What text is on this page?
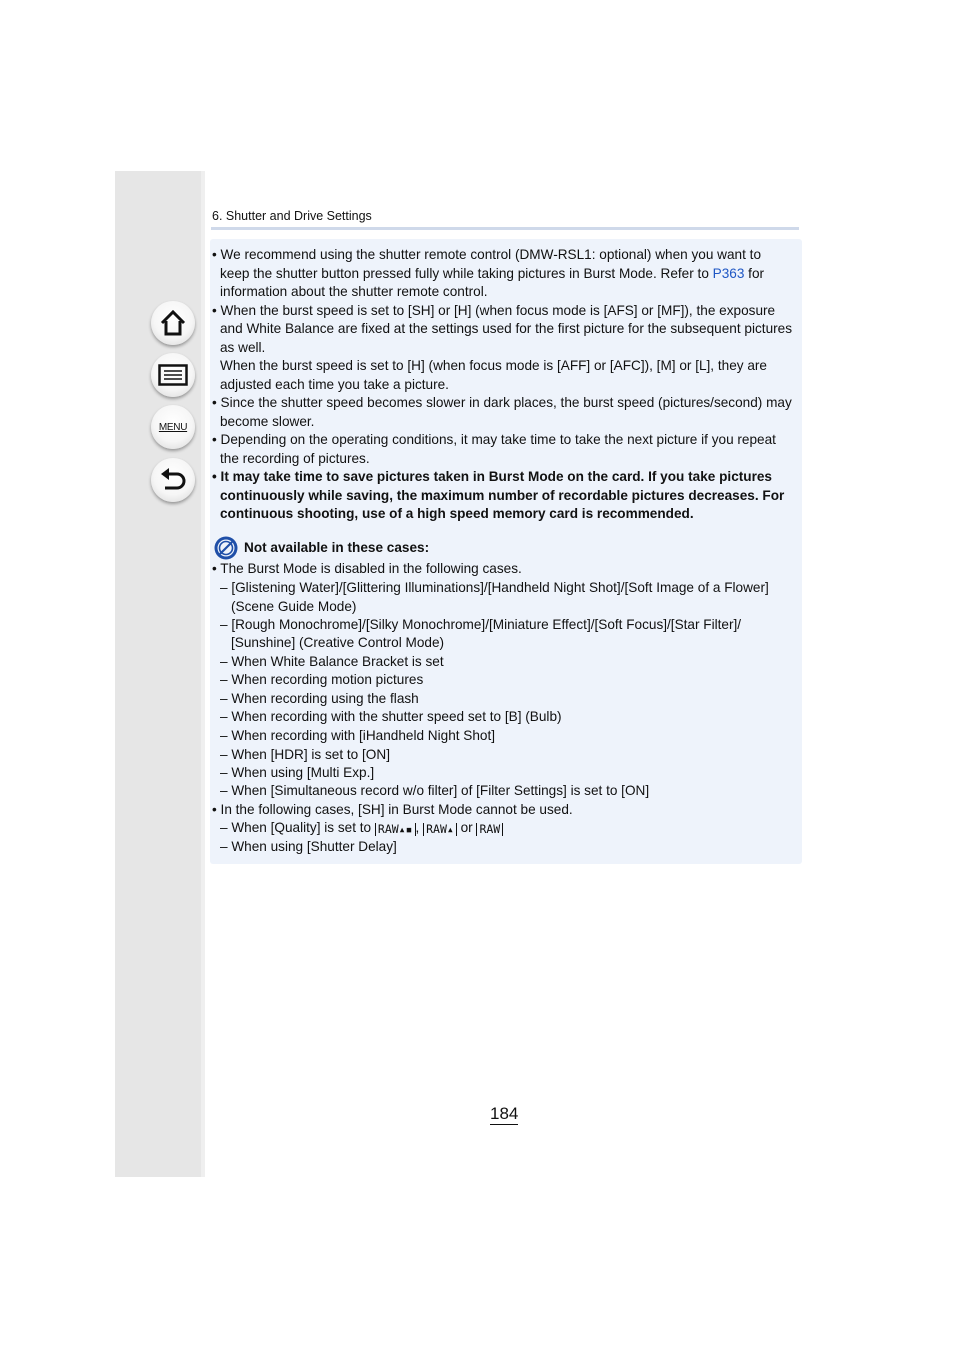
MENU
6. Shutter and Drive Settings
• We recommend using the shutter remote control (DMW-RSL1: optional) when you want to
keep the shutter button pressed fully while taking pictures in Burst Mode. Refer to P363 for
information about the shutter remote control.
• When the burst speed is set to [SH] or [H] (when focus mode is [AFS] or [MF]), the exposure
and White Balance are fixed at the settings used for the first picture for the subsequent pictures
as well.
When the burst speed is set to [H] (when focus mode is [AFF] or [AFC]), [M] or [L], they are
adjusted each time you take a picture.
• Since the shutter speed becomes slower in dark places, the burst speed (pictures/second) may
become slower.
• Depending on the operating conditions, it may take time to take the next picture if you repeat
the recording of pictures.
• It may take time to save pictures taken in Burst Mode on the card. If you take pictures
continuously while saving, the maximum number of recordable pictures decreases. For
continuous shooting, use of a high speed memory card is recommended.
Not available in these cases:
• The Burst Mode is disabled in the following cases.
– [Glistening Water]/[Glittering Illuminations]/[Handheld Night Shot]/[Soft Image of a Flower]
(Scene Guide Mode)
– [Rough Monochrome]/[Silky Monochrome]/[Miniature Effect]/[Soft Focus]/[Star Filter]/
[Sunshine] (Creative Control Mode)
– When White Balance Bracket is set
– When recording motion pictures
– When recording using the flash
– When recording with the shutter speed set to [B] (Bulb)
– When recording with [iHandheld Night Shot]
– When [HDR] is set to [ON]
– When using [Multi Exp.]
– When [Simultaneous record w/o filter] of [Filter Settings] is set to [ON]
• In the following cases, [SH] in Burst Mode cannot be used.
– When [Quality] is set to RAW▴▪ , RAW▴ or RAW
– When using [Shutter Delay]
184
